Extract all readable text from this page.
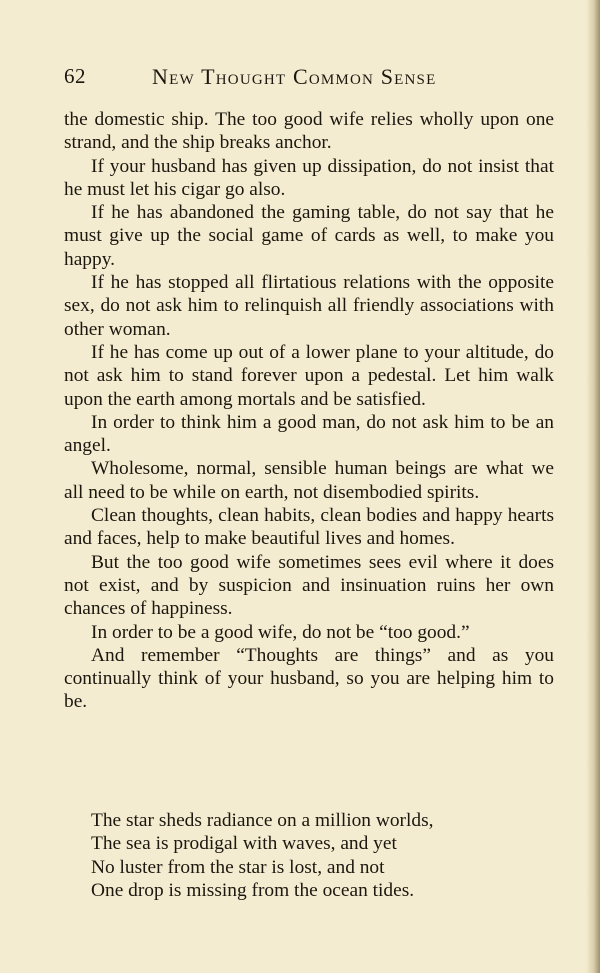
62	New Thought Common Sense

the domestic ship. The too good wife relies wholly upon one strand, and the ship breaks anchor.

If your husband has given up dissipation, do not insist that he must let his cigar go also.

If he has abandoned the gaming table, do not say that he must give up the social game of cards as well, to make you happy.

If he has stopped all flirtatious relations with the opposite sex, do not ask him to relinquish all friendly associations with other woman.

If he has come up out of a lower plane to your altitude, do not ask him to stand forever upon a pedestal. Let him walk upon the earth among mortals and be satisfied.

In order to think him a good man, do not ask him to be an angel.

Wholesome, normal, sensible human beings are what we all need to be while on earth, not disembodied spirits.

Clean thoughts, clean habits, clean bodies and happy hearts and faces, help to make beautiful lives and homes.

But the too good wife sometimes sees evil where it does not exist, and by suspicion and insinuation ruins her own chances of happiness.

In order to be a good wife, do not be “too good.”

And remember “Thoughts are things” and as you continually think of your husband, so you are helping him to be.

The star sheds radiance on a million worlds,

The sea is prodigal with waves, and yet

No luster from the star is lost, and not

One drop is missing from the ocean tides.
